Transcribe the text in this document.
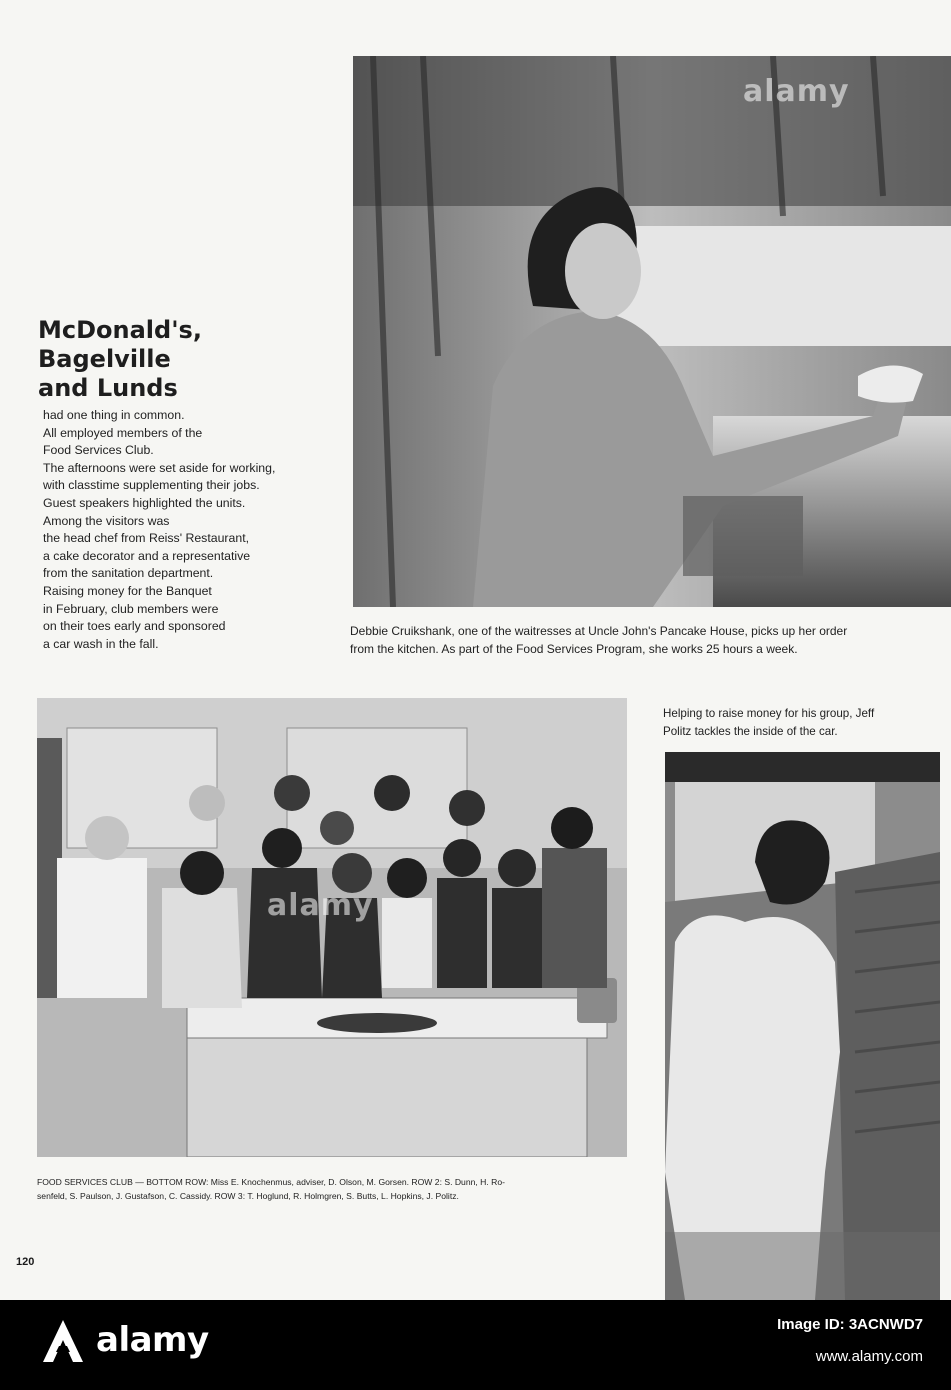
alamy
McDonald's,
Bagelville
and Lunds

had one thing in common.
All employed members of the
Food Services Club.
The afternoons were set aside for working,
with classtime supplementing their jobs.
Guest speakers highlighted the units.
Among the visitors was
the head chef from Reiss' Restaurant,
a cake decorator and a representative
from the sanitation department.
Raising money for the Banquet
in February, club members were
on their toes early and sponsored
a car wash in the fall.

Debbie Cruikshank, one of the waitresses at Uncle John's Pancake House, picks up her order
from the kitchen. As part of the Food Services Program, she works 25 hours a week.

alamy

FOOD SERVICES CLUB — BOTTOM ROW: Miss E. Knochenmus, adviser, D. Olson, M. Gorsen. ROW 2: S. Dunn, H. Ro-
senfeld, S. Paulson, J. Gustafson, C. Cassidy. ROW 3: T. Hoglund, R. Holmgren, S. Butts, L. Hopkins, J. Politz.

Helping to raise money for his group, Jeff
Politz tackles the inside of the car.

120

alamy	Image ID: 3ACNWD7

www.alamy.com
